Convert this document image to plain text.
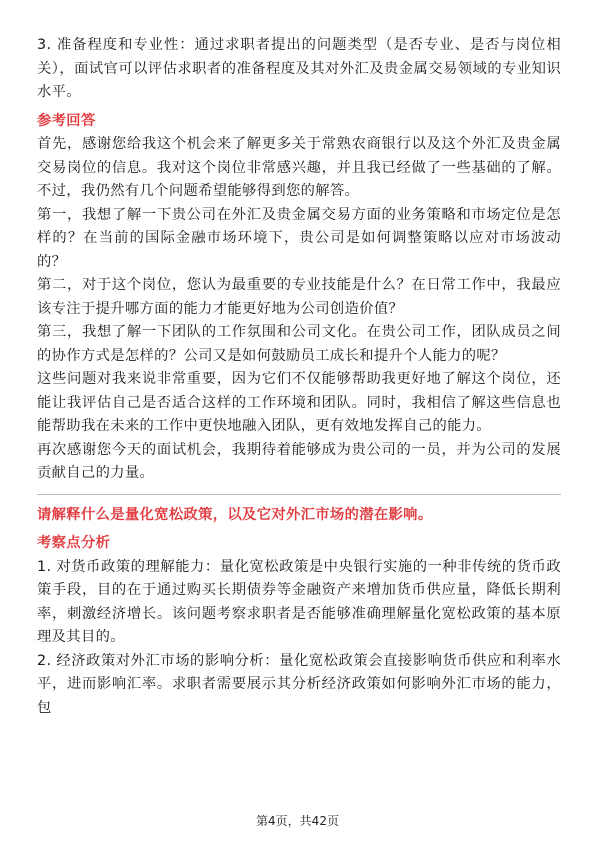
3. 准备程度和专业性：通过求职者提出的问题类型（是否专业、是否与岗位相关），面试官可以评估求职者的准备程度及其对外汇及贵金属交易领域的专业知识水平。

参考回答

首先，感谢您给我这个机会来了解更多关于常熟农商银行以及这个外汇及贵金属交易岗位的信息。我对这个岗位非常感兴趣，并且我已经做了一些基础的了解。不过，我仍然有几个问题希望能够得到您的解答。

第一，我想了解一下贵公司在外汇及贵金属交易方面的业务策略和市场定位是怎样的？在当前的国际金融市场环境下，贵公司是如何调整策略以应对市场波动的？

第二，对于这个岗位，您认为最重要的专业技能是什么？在日常工作中，我最应该专注于提升哪方面的能力才能更好地为公司创造价值？

第三，我想了解一下团队的工作氛围和公司文化。在贵公司工作，团队成员之间的协作方式是怎样的？公司又是如何鼓励员工成长和提升个人能力的呢？

这些问题对我来说非常重要，因为它们不仅能够帮助我更好地了解这个岗位，还能让我评估自己是否适合这样的工作环境和团队。同时，我相信了解这些信息也能帮助我在未来的工作中更快地融入团队，更有效地发挥自己的能力。

再次感谢您今天的面试机会，我期待着能够成为贵公司的一员，并为公司的发展贡献自己的力量。

请解释什么是量化宽松政策，以及它对外汇市场的潜在影响。

考察点分析

1. 对货币政策的理解能力：量化宽松政策是中央银行实施的一种非传统的货币政策手段，目的在于通过购买长期债券等金融资产来增加货币供应量，降低长期利率，刺激经济增长。该问题考察求职者是否能够准确理解量化宽松政策的基本原理及其目的。

2. 经济政策对外汇市场的影响分析：量化宽松政策会直接影响货币供应和利率水平，进而影响汇率。求职者需要展示其分析经济政策如何影响外汇市场的能力，包

第4页，共42页
